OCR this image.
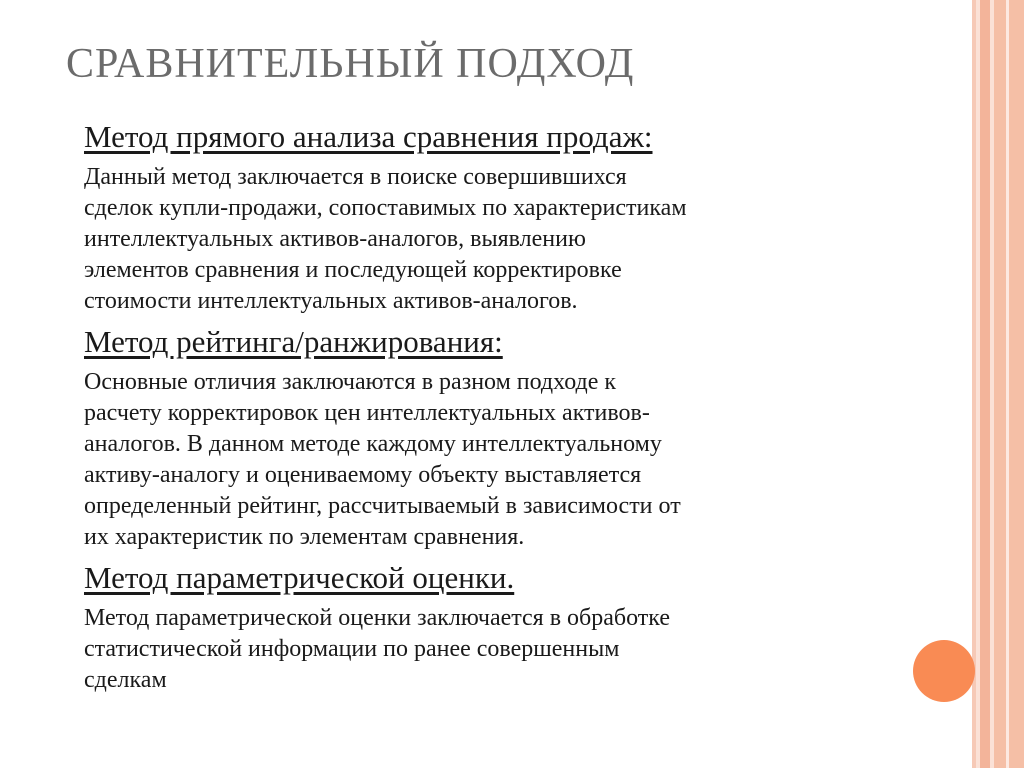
СРАВНИТЕЛЬНЫЙ ПОДХОД
Метод прямого анализа сравнения продаж:
Данный метод заключается в поиске совершившихся
сделок купли-продажи, сопоставимых по характеристикам
интеллектуальных активов-аналогов, выявлению
элементов сравнения и последующей корректировке
стоимости интеллектуальных активов-аналогов.
Метод рейтинга/ранжирования:
Основные отличия заключаются в разном подходе к
расчету корректировок цен интеллектуальных активов-
аналогов. В данном методе каждому интеллектуальному
активу-аналогу и оцениваемому объекту выставляется
определенный рейтинг, рассчитываемый в зависимости от
их характеристик по элементам сравнения.
Метод параметрической оценки.
Метод параметрической оценки заключается в обработке
статистической информации по ранее совершенным
сделкам
